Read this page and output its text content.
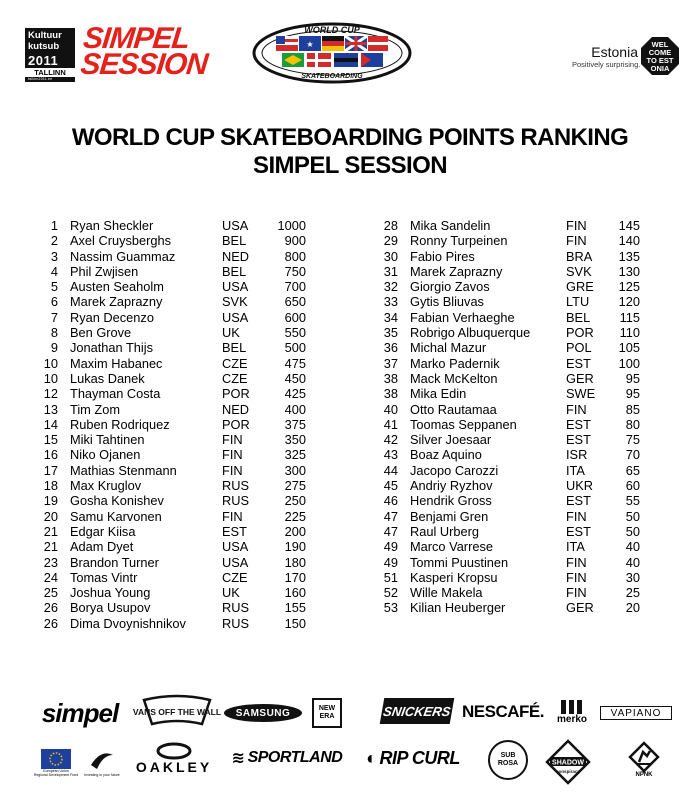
Kultuur
kutsub
2011
TALLINN
tallinn2011.ee
SIMPEL
SESSION
★
WORLD CUP
SKATEBOARDING
Estonia
Positively surprising.
WEL
COME
TO EST
ONIA
WORLD CUP SKATEBOARDING POINTS RANKING
SIMPEL SESSION
1 Ryan Sheckler	USA	1000
2 Axel Cruysberghs	BEL	900
3 Nassim Guammaz	NED	800
4 Phil Zwjisen	BEL	750
5 Austen Seaholm	USA	700
6 Marek Zaprazny	SVK	650
7 Ryan Decenzo	USA	600
8 Ben Grove	UK	550
9 Jonathan Thijs	BEL	500
10 Maxim Habanec	CZE	475
10 Lukas Danek	CZE	450
12 Thayman Costa	POR	425
13 Tim Zom	NED	400
14 Ruben Rodriquez	POR	375
15 Miki Tahtinen	FIN	350
16 Niko Ojanen	FIN	325
17 Mathias Stenmann	FIN	300
18 Max Kruglov	RUS	275
19 Gosha Konishev	RUS	250
20 Samu Karvonen	FIN	225
21 Edgar Kiisa	EST	200
21 Adam Dyet	USA	190
23 Brandon Turner	USA	180
24 Tomas Vintr	CZE	170
25 Joshua Young	UK	160
26 Borya Usupov	RUS	155
26 Dima Dvoynishnikov	RUS	150
28 Mika Sandelin	FIN	145
29 Ronny Turpeinen	FIN	140
30 Fabio Pires	BRA	135
31 Marek Zaprazny	SVK	130
32 Giorgio Zavos	GRE	125
33 Gytis Bliuvas	LTU	120
34 Fabian Verhaeghe	BEL	115
35 Robrigo Albuquerque	POR	110
36 Michal Mazur	POL	105
37 Marko Padernik	EST	100
38 Mack McKelton	GER	95
38 Mika Edin	SWE	95
40 Otto Rautamaa	FIN	85
41 Toomas Seppanen	EST	80
42 Silver Joesaar	EST	75
43 Boaz Aquino	ISR	70
44 Jacopo Carozzi	ITA	65
45 Andriy Ryzhov	UKR	60
46 Hendrik Gross	EST	55
47 Benjami Gren	FIN	50
47 Raul Urberg	EST	50
49 Marco Varrese	ITA	40
49 Tommi Puustinen	FIN	40
51 Kasperi Kropsu	FIN	30
52 Wille Makela	FIN	25
53 Kilian Heuberger	GER	20
simpel	VANS OFF THE WALL	SAMSUNG	NEW
ERA	SNICKERS NESCAFÉ. merko
VAPIANO
European Union
Regional Development Fund Investing in your future OAKLEY ≋ SPORTLAND ◐ RIP CURL	SUB
ROSA	SHADOW
conspiracy
NPNK
